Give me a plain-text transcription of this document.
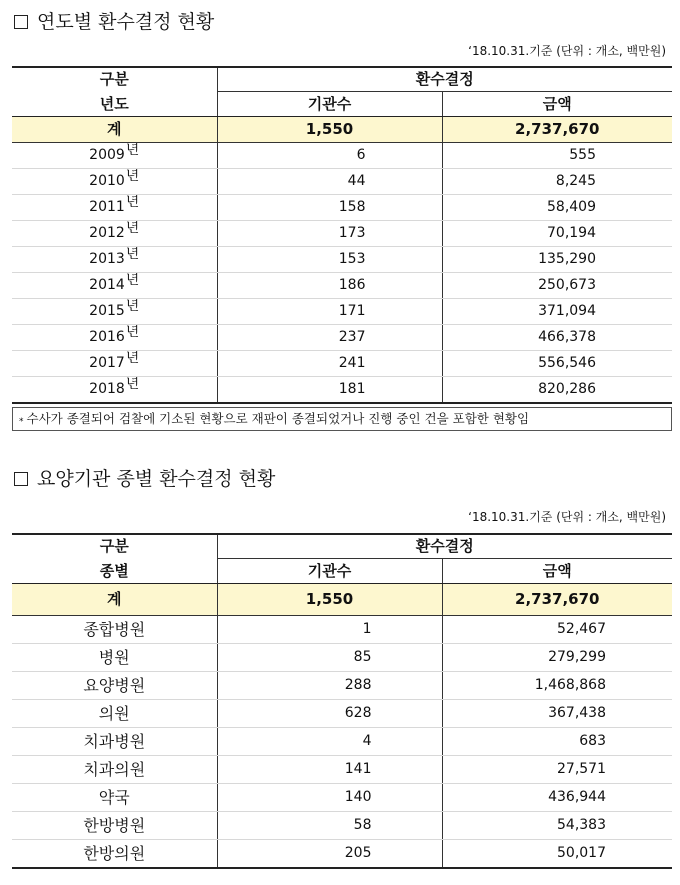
연도별 환수결정 현황
‘18.10.31.기준 (단위 : 개소, 백만원)
구분	환수결정	
년도	기관수	금액
계	1,550	2,737,670
2009년	6	555
2010년	44	8,245
2011년	158	58,409
2012년	173	70,194
2013년	153	135,290
2014년	186	250,673
2015년	171	371,094
2016년	237	466,378
2017년	241	556,546
2018년	181	820,286
* 수사가 종결되어 검찰에 기소된 현황으로 재판이 종결되었거나 진행 중인 건을 포함한 현황임
요양기관 종별 환수결정 현황
‘18.10.31.기준 (단위 : 개소, 백만원)
구분	환수결정	
종별	기관수	금액
계	1,550	2,737,670
종합병원	1	52,467
병원	85	279,299
요양병원	288	1,468,868
의원	628	367,438
치과병원	4	683
치과의원	141	27,571
약국	140	436,944
한방병원	58	54,383
한방의원	205	50,017
